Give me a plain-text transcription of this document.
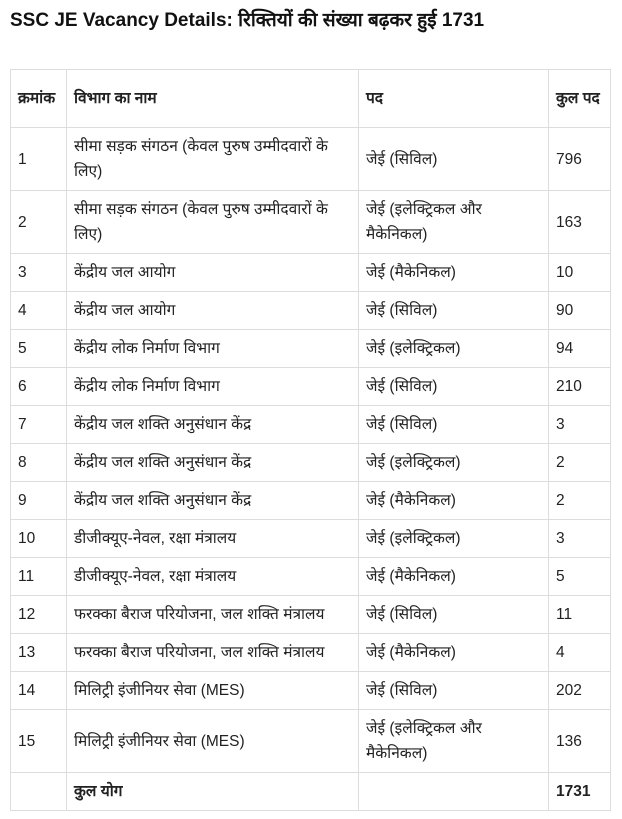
SSC JE Vacancy Details: रिक्तियों की संख्या बढ़कर हुई 1731
क्रमांक	विभाग का नाम	पद	कुल पद
1	सीमा सड़क संगठन (केवल पुरुष उम्मीदवारों के लिए)	जेई (सिविल)	796
2	सीमा सड़क संगठन (केवल पुरुष उम्मीदवारों के लिए)	जेई (इलेक्ट्रिकल और मैकेनिकल)	163
3	केंद्रीय जल आयोग	जेई (मैकेनिकल)	10
4	केंद्रीय जल आयोग	जेई (सिविल)	90
5	केंद्रीय लोक निर्माण विभाग	जेई (इलेक्ट्रिकल)	94
6	केंद्रीय लोक निर्माण विभाग	जेई (सिविल)	210
7	केंद्रीय जल शक्ति अनुसंधान केंद्र	जेई (सिविल)	3
8	केंद्रीय जल शक्ति अनुसंधान केंद्र	जेई (इलेक्ट्रिकल)	2
9	केंद्रीय जल शक्ति अनुसंधान केंद्र	जेई (मैकेनिकल)	2
10	डीजीक्यूए-नेवल, रक्षा मंत्रालय	जेई (इलेक्ट्रिकल)	3
11	डीजीक्यूए-नेवल, रक्षा मंत्रालय	जेई (मैकेनिकल)	5
12	फरक्का बैराज परियोजना, जल शक्ति मंत्रालय	जेई (सिविल)	11
13	फरक्का बैराज परियोजना, जल शक्ति मंत्रालय	जेई (मैकेनिकल)	4
14	मिलिट्री इंजीनियर सेवा (MES)	जेई (सिविल)	202
15	मिलिट्री इंजीनियर सेवा (MES)	जेई (इलेक्ट्रिकल और मैकेनिकल)	136
	कुल योग		1731
